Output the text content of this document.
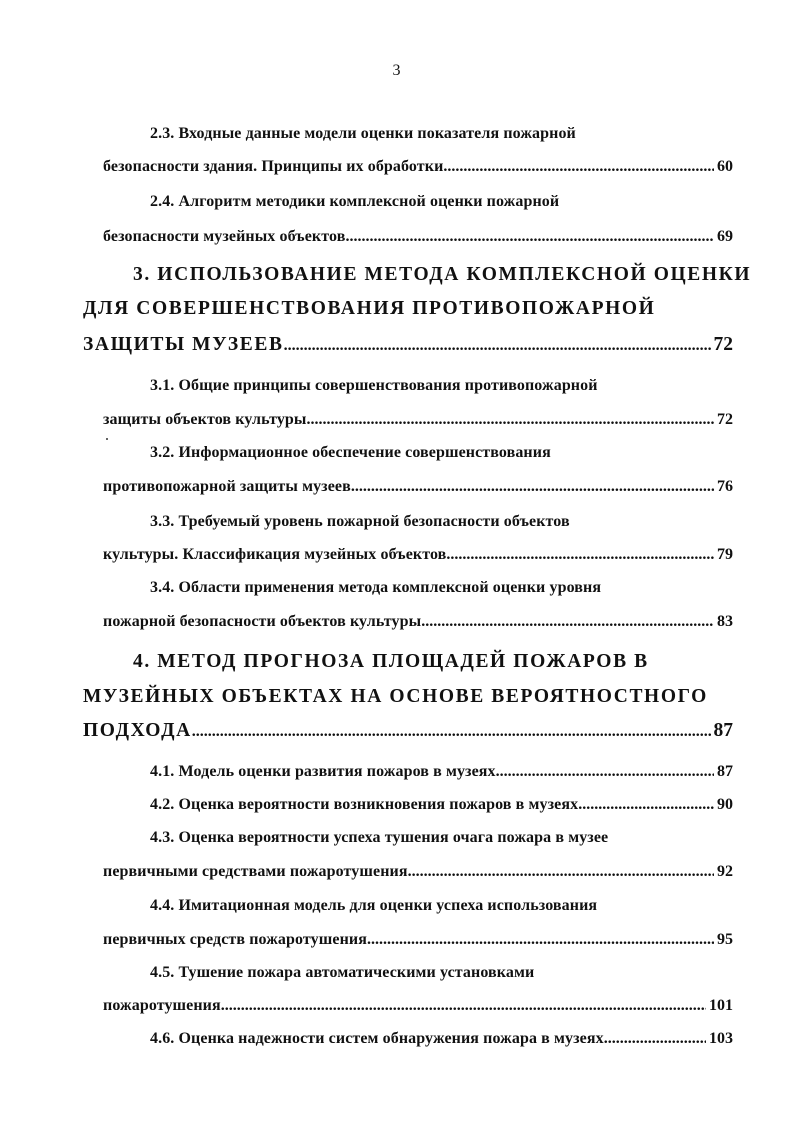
3
2.3. Входные данные модели оценки показателя пожарной
безопасности здания. Принципы их обработки .....	60
2.4. Алгоритм методики комплексной оценки пожарной
безопасности музейных объектов .....	69
3. ИСПОЛЬЗОВАНИЕ МЕТОДА КОМПЛЕКСНОЙ ОЦЕНКИ
ДЛЯ СОВЕРШЕНСТВОВАНИЯ ПРОТИВОПОЖАРНОЙ
ЗАЩИТЫ МУЗЕЕВ .....	72
3.1. Общие принципы совершенствования противопожарной
защиты объектов культуры .....	72
3.2. Информационное обеспечение совершенствования
противопожарной защиты музеев .....	76
3.3. Требуемый уровень пожарной безопасности объектов
культуры. Классификация музейных объектов .....	79
3.4. Области применения метода комплексной оценки уровня
пожарной безопасности объектов культуры .....	83
4. МЕТОД ПРОГНОЗА ПЛОЩАДЕЙ ПОЖАРОВ В
МУЗЕЙНЫХ ОБЪЕКТАХ НА ОСНОВЕ ВЕРОЯТНОСТНОГО
ПОДХОДА .....	87
4.1. Модель оценки развития пожаров в музеях .....	87
4.2. Оценка вероятности возникновения пожаров в музеях .....	90
4.3. Оценка вероятности успеха тушения очага пожара в музее
первичными средствами пожаротушения .....	92
4.4. Имитационная модель для оценки успеха использования
первичных средств пожаротушения .....	95
4.5. Тушение пожара автоматическими установками
пожаротушения .....	101
4.6. Оценка надежности систем обнаружения пожара в музеях .....	103
